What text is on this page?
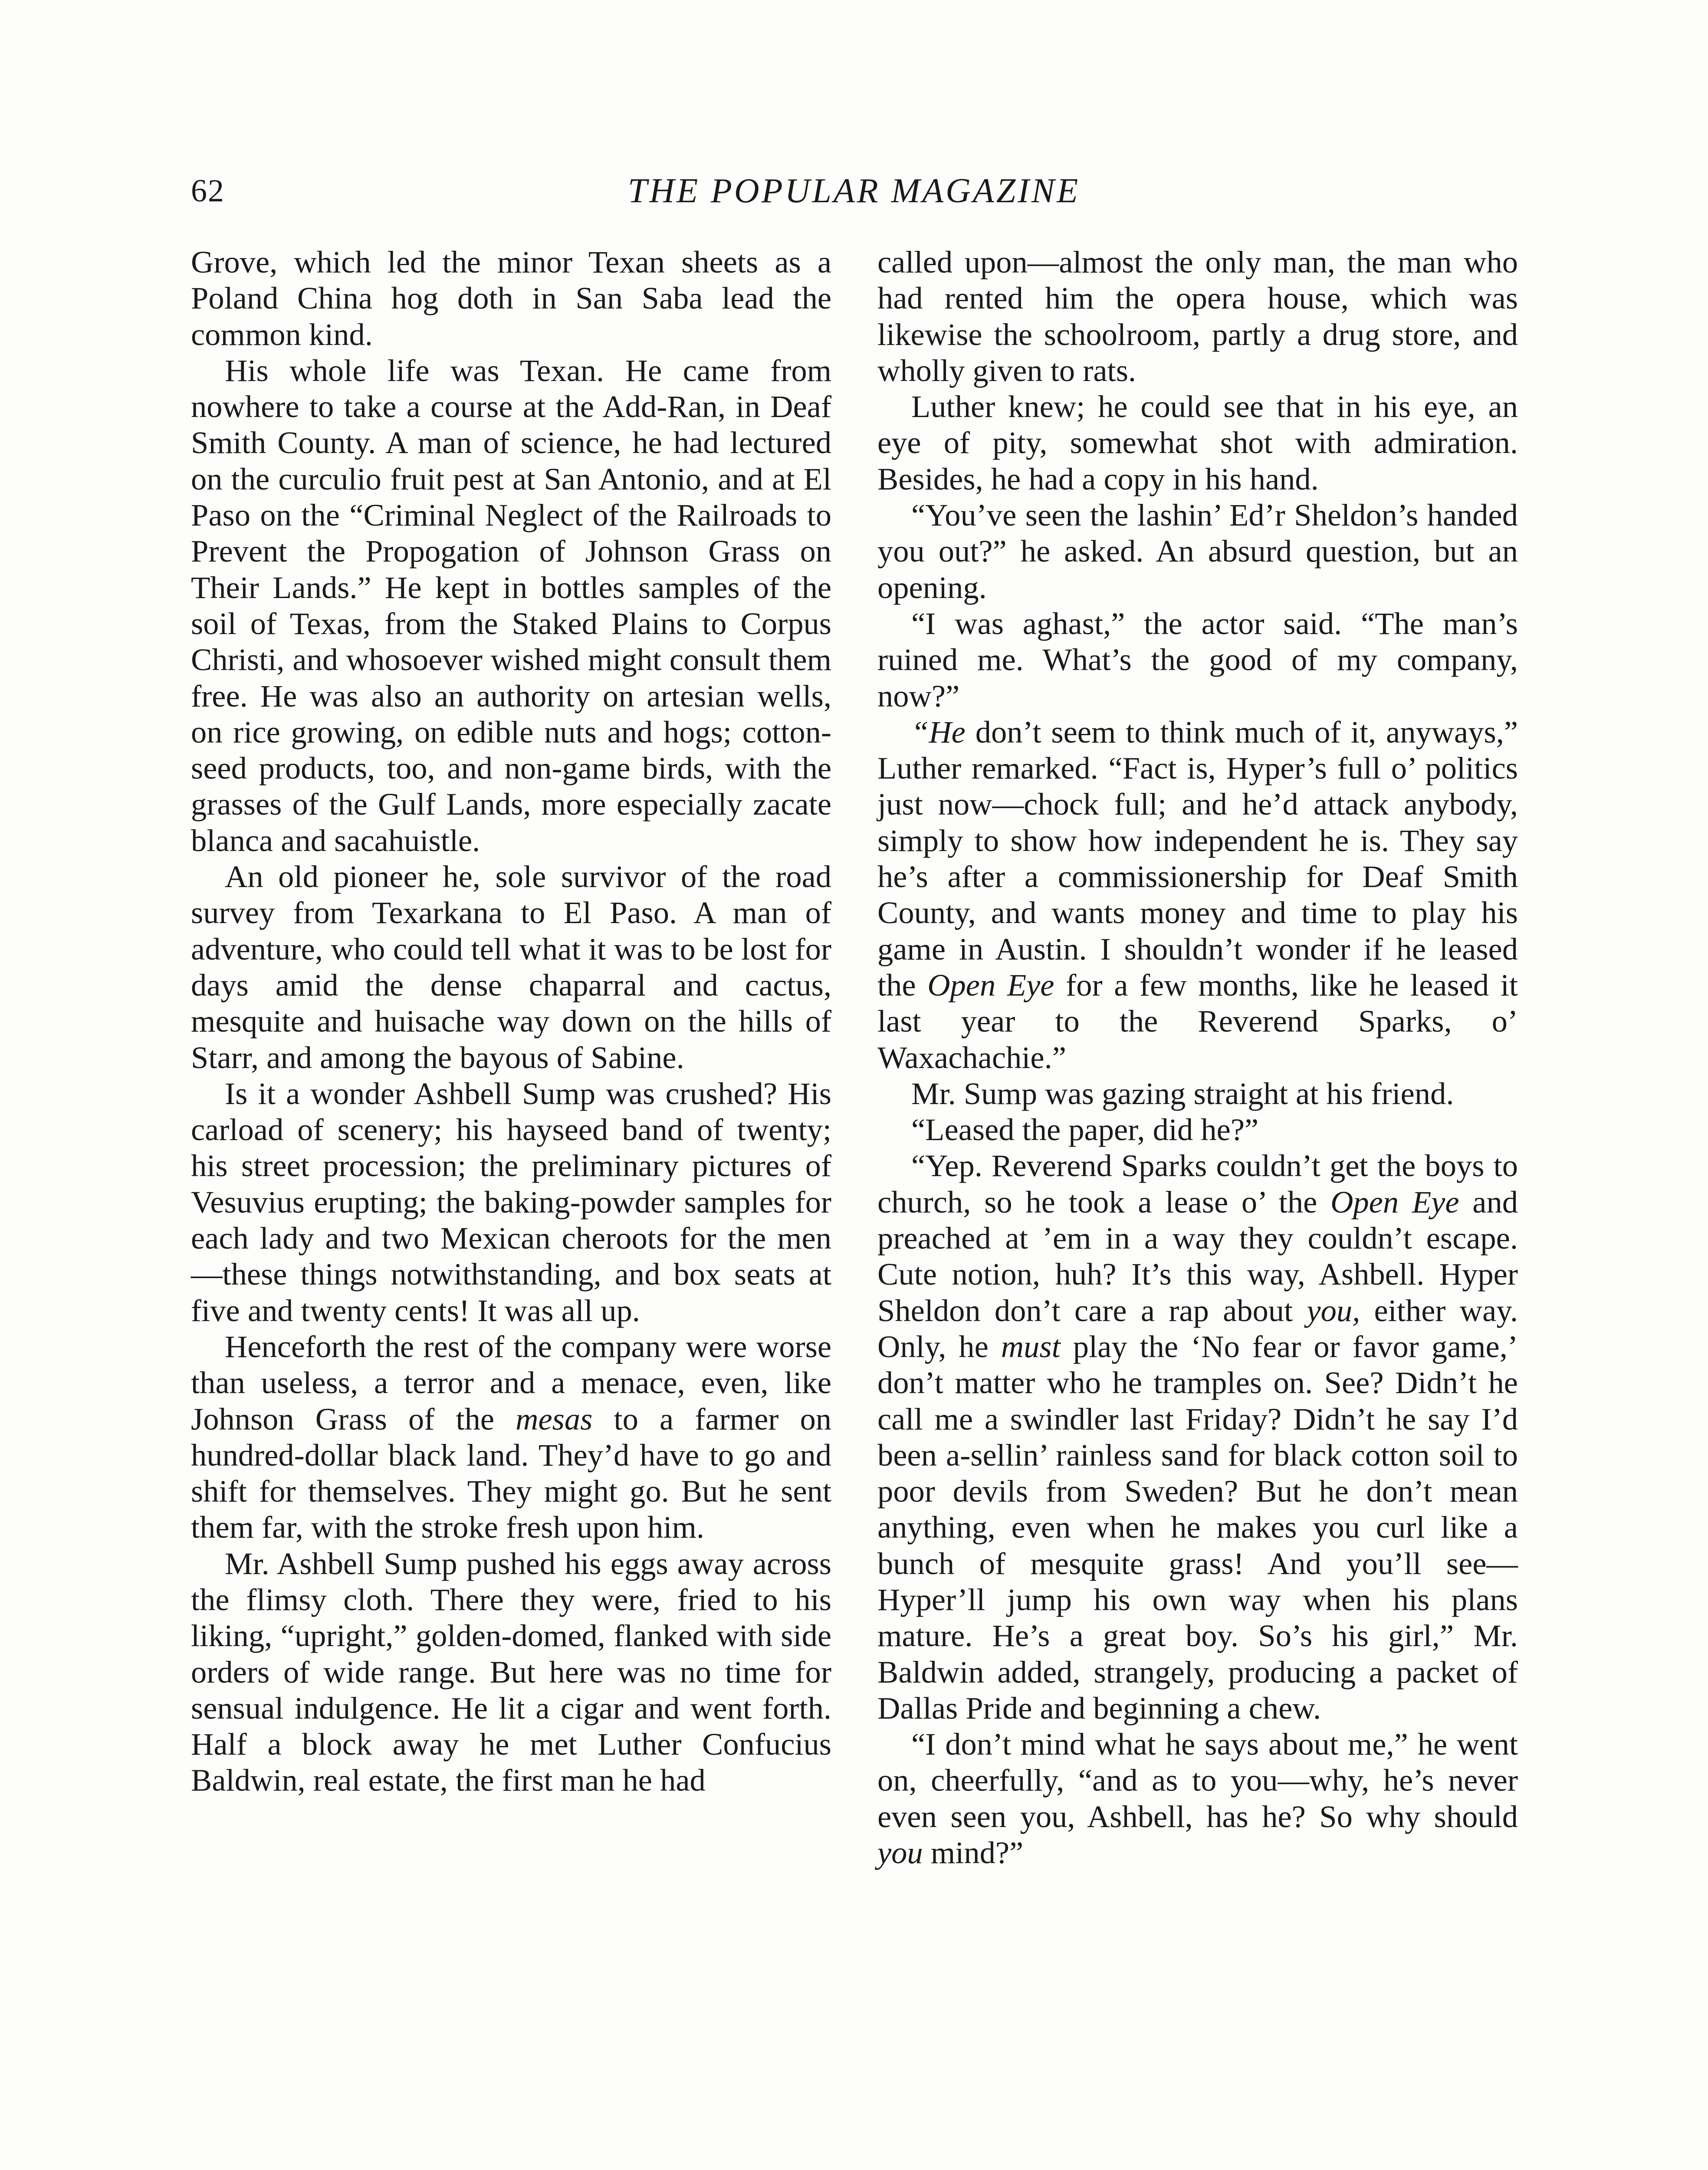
62	THE POPULAR MAGAZINE

Grove, which led the minor Texan sheets as a Poland China hog doth in San Saba lead the common kind.

His whole life was Texan. He came from nowhere to take a course at the Add-Ran, in Deaf Smith County. A man of science, he had lectured on the curculio fruit pest at San Antonio, and at El Paso on the “Criminal Neglect of the Railroads to Prevent the Propogation of Johnson Grass on Their Lands.” He kept in bottles samples of the soil of Texas, from the Staked Plains to Corpus Christi, and whosoever wished might consult them free. He was also an authority on artesian wells, on rice growing, on edible nuts and hogs; cotton-seed products, too, and non-game birds, with the grasses of the Gulf Lands, more especially zacate blanca and sacahuistle.

An old pioneer he, sole survivor of the road survey from Texarkana to El Paso. A man of adventure, who could tell what it was to be lost for days amid the dense chaparral and cactus, mesquite and huisache way down on the hills of Starr, and among the bayous of Sabine.

Is it a wonder Ashbell Sump was crushed? His carload of scenery; his hayseed band of twenty; his street procession; the preliminary pictures of Vesuvius erupting; the baking-powder samples for each lady and two Mexican cheroots for the men—these things notwithstanding, and box seats at five and twenty cents! It was all up.

Henceforth the rest of the company were worse than useless, a terror and a menace, even, like Johnson Grass of the mesas to a farmer on hundred-dollar black land. They’d have to go and shift for themselves. They might go. But he sent them far, with the stroke fresh upon him.

Mr. Ashbell Sump pushed his eggs away across the flimsy cloth. There they were, fried to his liking, “upright,” golden-domed, flanked with side orders of wide range. But here was no time for sensual indulgence. He lit a cigar and went forth. Half a block away he met Luther Confucius Baldwin, real estate, the first man he had

called upon—almost the only man, the man who had rented him the opera house, which was likewise the schoolroom, partly a drug store, and wholly given to rats.

Luther knew; he could see that in his eye, an eye of pity, somewhat shot with admiration. Besides, he had a copy in his hand.

“You’ve seen the lashin’ Ed’r Sheldon’s handed you out?” he asked. An absurd question, but an opening.

“I was aghast,” the actor said. “The man’s ruined me. What’s the good of my company, now?”

“He don’t seem to think much of it, anyways,” Luther remarked. “Fact is, Hyper’s full o’ politics just now—chock full; and he’d attack anybody, simply to show how independent he is. They say he’s after a commissionership for Deaf Smith County, and wants money and time to play his game in Austin. I shouldn’t wonder if he leased the Open Eye for a few months, like he leased it last year to the Reverend Sparks, o’ Waxachachie.”

Mr. Sump was gazing straight at his friend.

“Leased the paper, did he?”

“Yep. Reverend Sparks couldn’t get the boys to church, so he took a lease o’ the Open Eye and preached at ’em in a way they couldn’t escape. Cute notion, huh? It’s this way, Ashbell. Hyper Sheldon don’t care a rap about you, either way. Only, he must play the ‘No fear or favor game,’ don’t matter who he tramples on. See? Didn’t he call me a swindler last Friday? Didn’t he say I’d been a-sellin’ rainless sand for black cotton soil to poor devils from Sweden? But he don’t mean anything, even when he makes you curl like a bunch of mesquite grass! And you’ll see—Hyper’ll jump his own way when his plans mature. He’s a great boy. So’s his girl,” Mr. Baldwin added, strangely, producing a packet of Dallas Pride and beginning a chew.

“I don’t mind what he says about me,” he went on, cheerfully, “and as to you—why, he’s never even seen you, Ashbell, has he? So why should you mind?”
